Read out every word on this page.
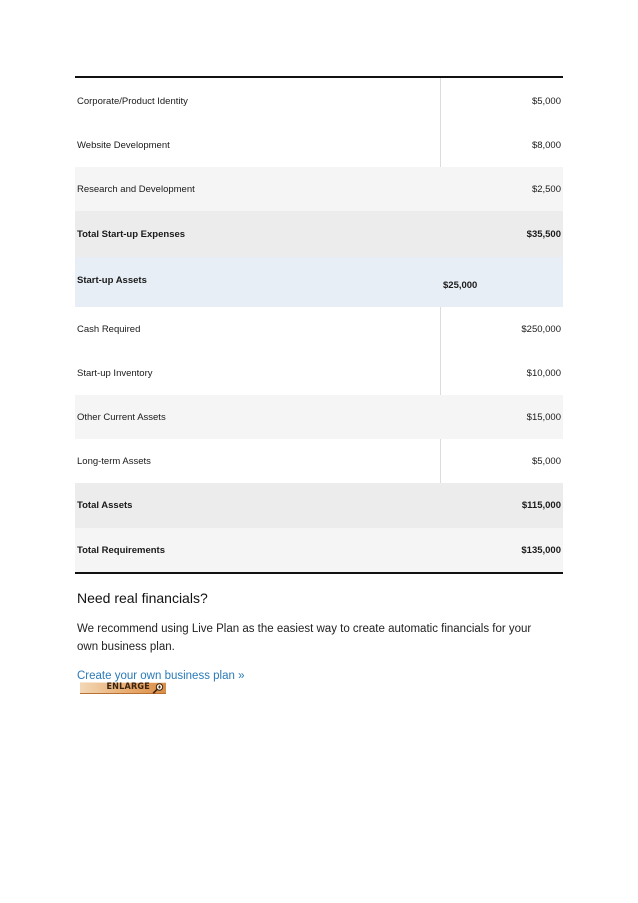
Corporate/Product Identity	$5,000
Website Development	$8,000
Research and Development	$2,500
Total Start-up Expenses	$35,500
Start-up Assets	$25,000
Cash Required	$250,000
Start-up Inventory	$10,000
Other Current Assets	$15,000
Long-term Assets	$5,000
Total Assets	$115,000
Total Requirements	$135,000
Need real financials?

We recommend using Live Plan as the easiest way to create automatic financials for your own business plan.

Create your own business plan »
ENLARGE
